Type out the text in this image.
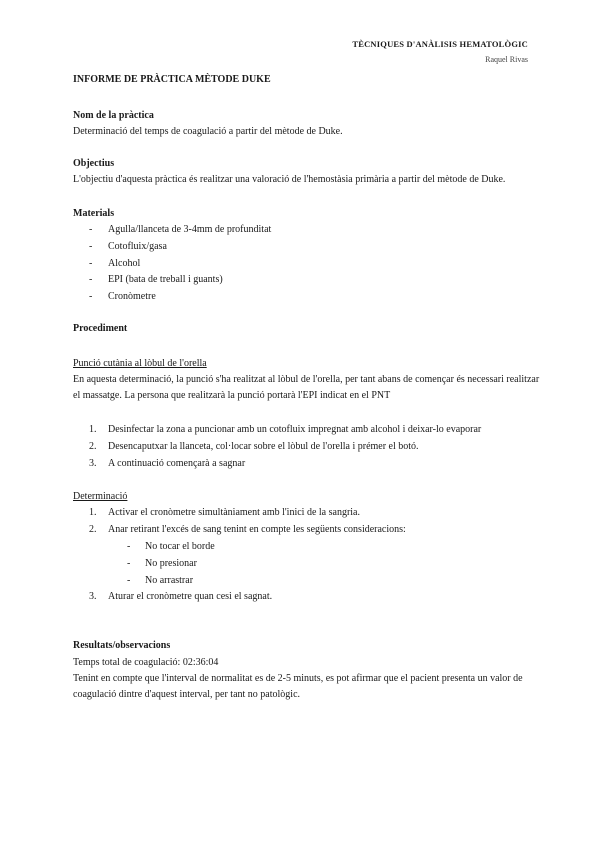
TÈCNIQUES D'ANÀLISIS HEMATOLÒGIC
Raquel Rivas
INFORME DE PRÀCTICA MÈTODE DUKE
Nom de la pràctica
Determinació del temps de coagulació a partir del mètode de Duke.
Objectius
L'objectiu d'aquesta pràctica és realitzar una valoració de l'hemostàsia primària a partir del mètode de Duke.
Materials
- Agulla/llanceta de 3-4mm de profunditat
- Cotofluix/gasa
- Alcohol
- EPI (bata de treball i guants)
- Cronòmetre
Procediment
Punció cutània al lòbul de l'orella
En aquesta determinació, la punció s'ha realitzat al lòbul de l'orella, per tant abans de començar és necessari realitzar el massatge. La persona que realitzarà la punció portarà l'EPI indicat en el PNT
1. Desinfectar la zona a puncionar amb un cotofluix impregnat amb alcohol i deixar-lo evaporar
2. Desencaputxar la llanceta, col·locar sobre el lòbul de l'orella i prémer el botó.
3. A continuació començarà a sagnar
Determinació
1. Activar el cronòmetre simultàniament amb l'inici de la sangria.
2. Anar retirant l'excés de sang tenint en compte les següents consideracions:
- No tocar el borde
- No presionar
- No arrastrar
3. Aturar el cronòmetre quan cesi el sagnat.
Resultats/observacions
Temps total de coagulació: 02:36:04
Tenint en compte que l'interval de normalitat es de 2-5 minuts, es pot afirmar que el pacient presenta un valor de coagulació dintre d'aquest interval, per tant no patològic.
